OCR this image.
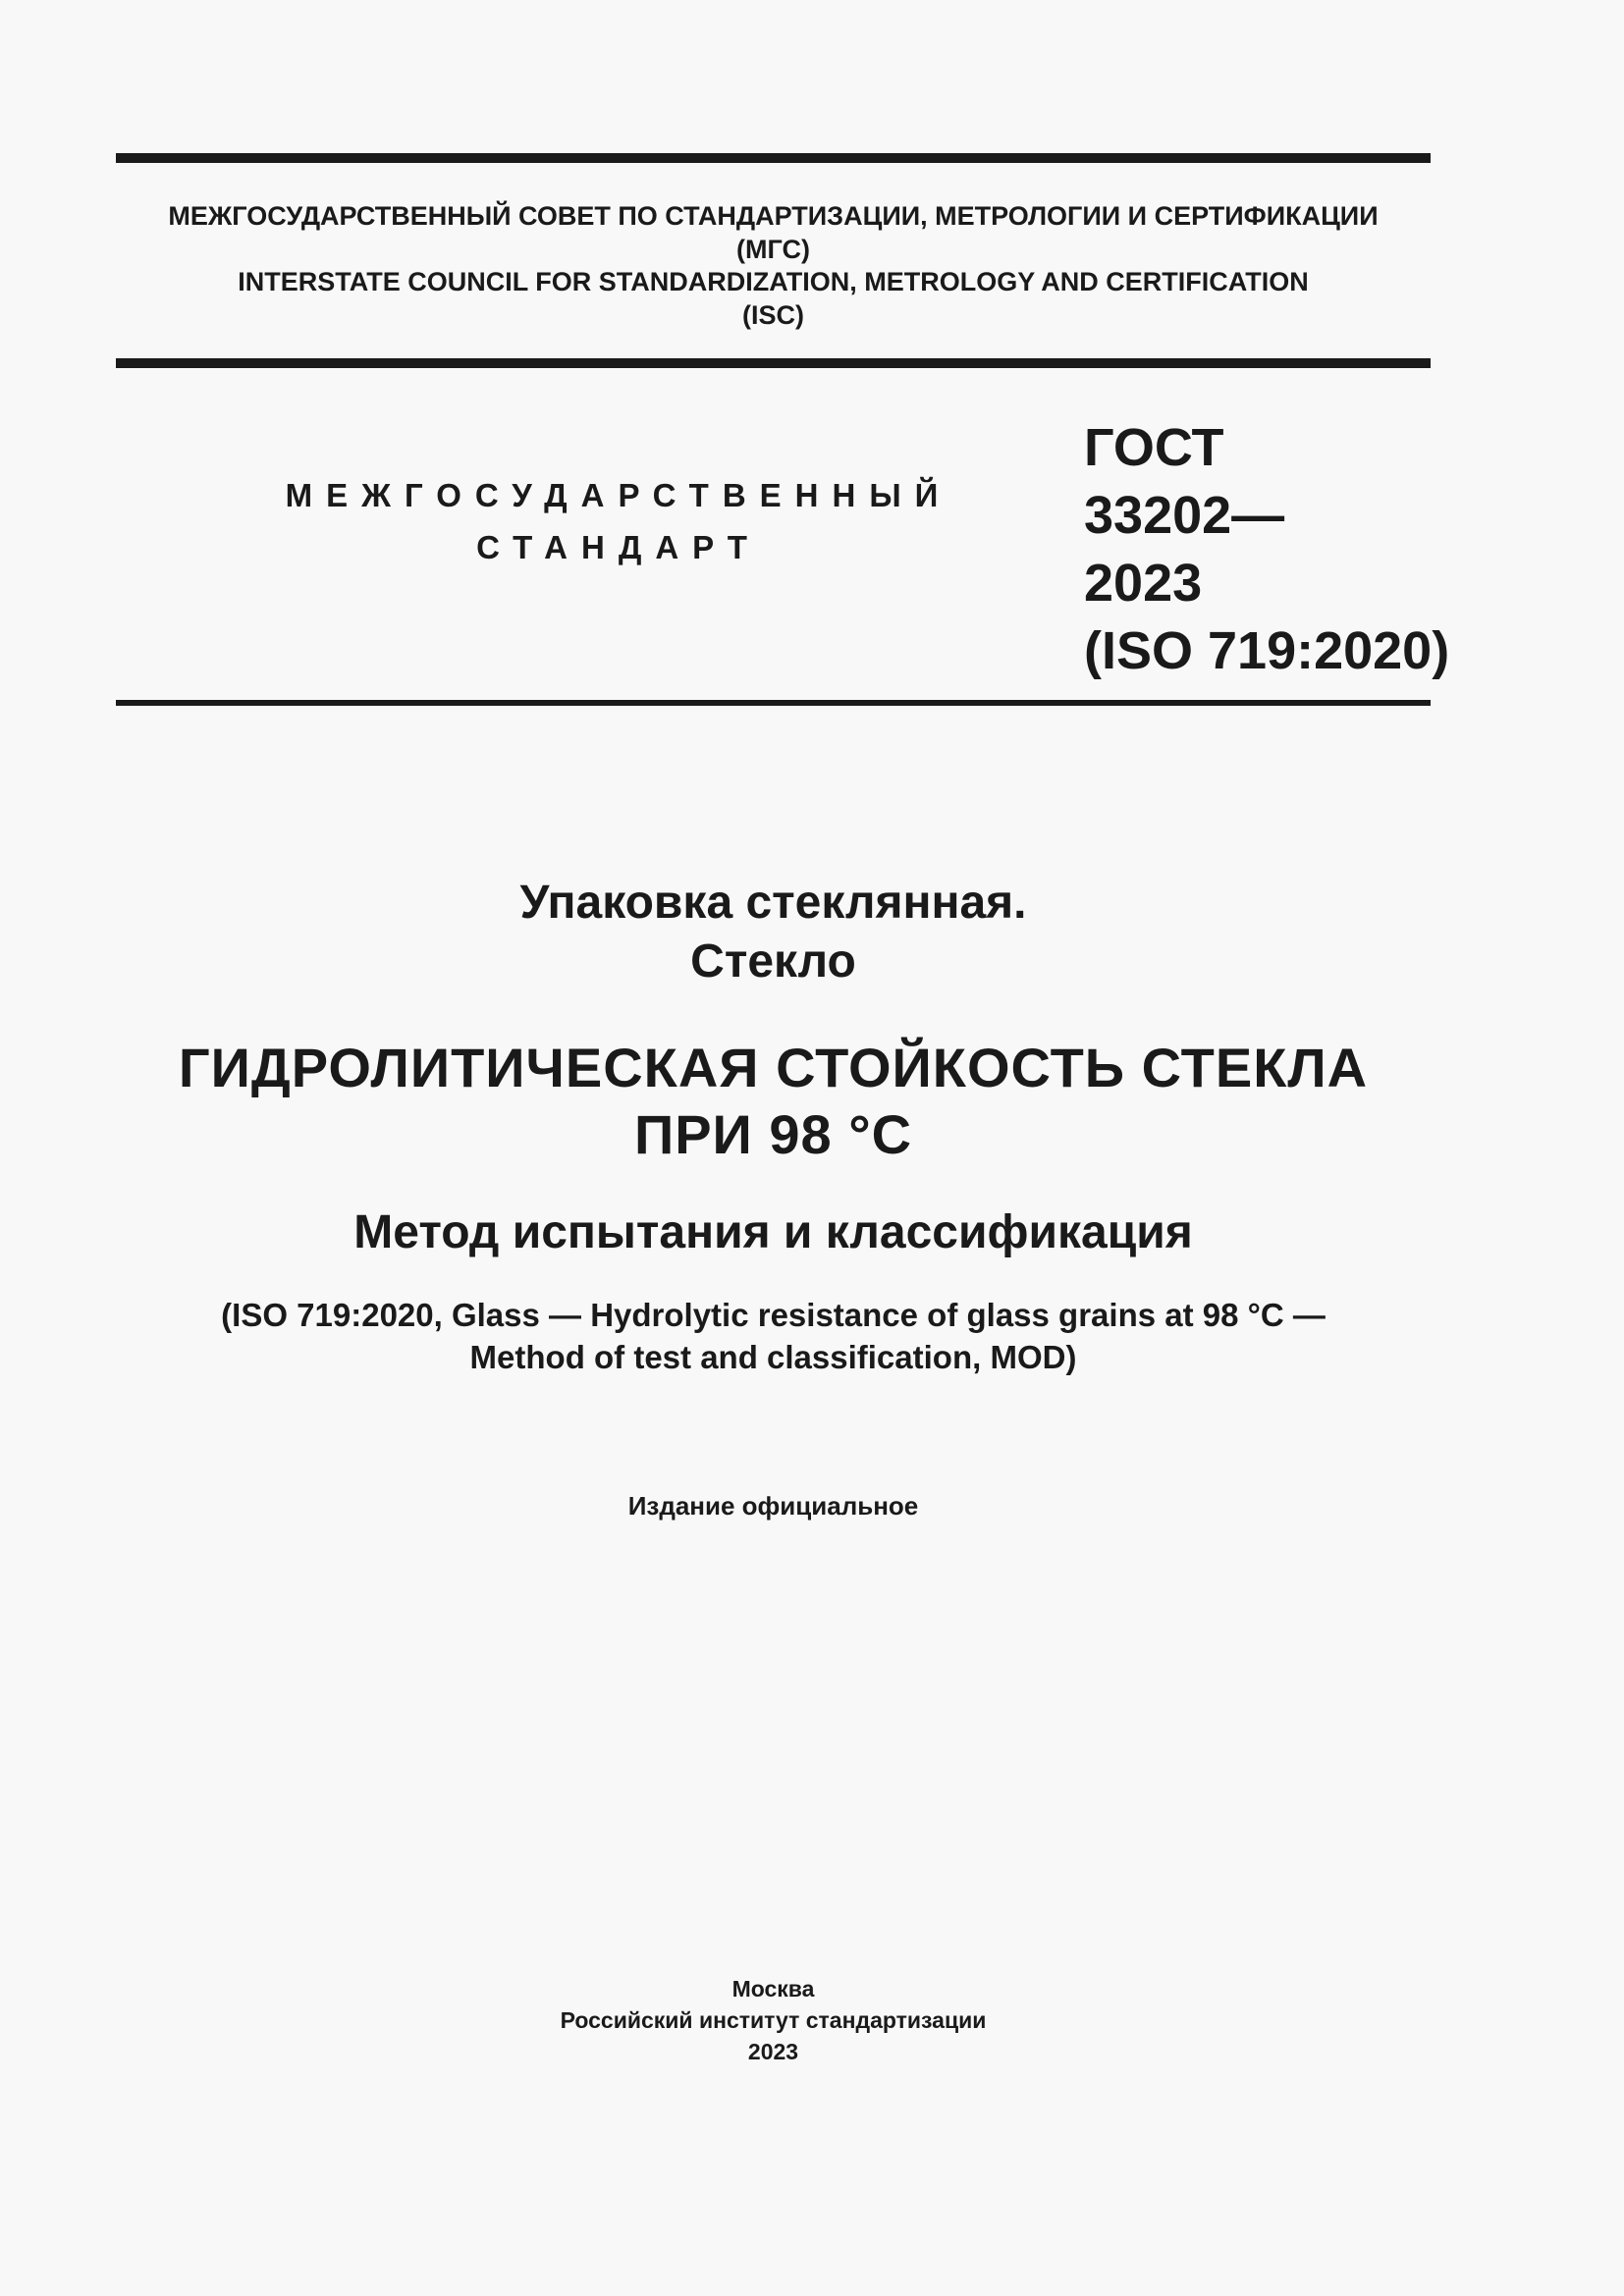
МЕЖГОСУДАРСТВЕННЫЙ СОВЕТ ПО СТАНДАРТИЗАЦИИ, МЕТРОЛОГИИ И СЕРТИФИКАЦИИ
(МГС)
INTERSTATE COUNCIL FOR STANDARDIZATION, METROLOGY AND CERTIFICATION
(ISC)
МЕЖГОСУДАРСТВЕННЫЙ
СТАНДАРТ
ГОСТ
33202—
2023
(ISO 719:2020)
Упаковка стеклянная.
Стекло
ГИДРОЛИТИЧЕСКАЯ СТОЙКОСТЬ СТЕКЛА
ПРИ 98 °С
Метод испытания и классификация
(ISO 719:2020, Glass — Hydrolytic resistance of glass grains at 98 °C —
Method of test and classification, MOD)
Издание официальное
Москва
Российский институт стандартизации
2023
